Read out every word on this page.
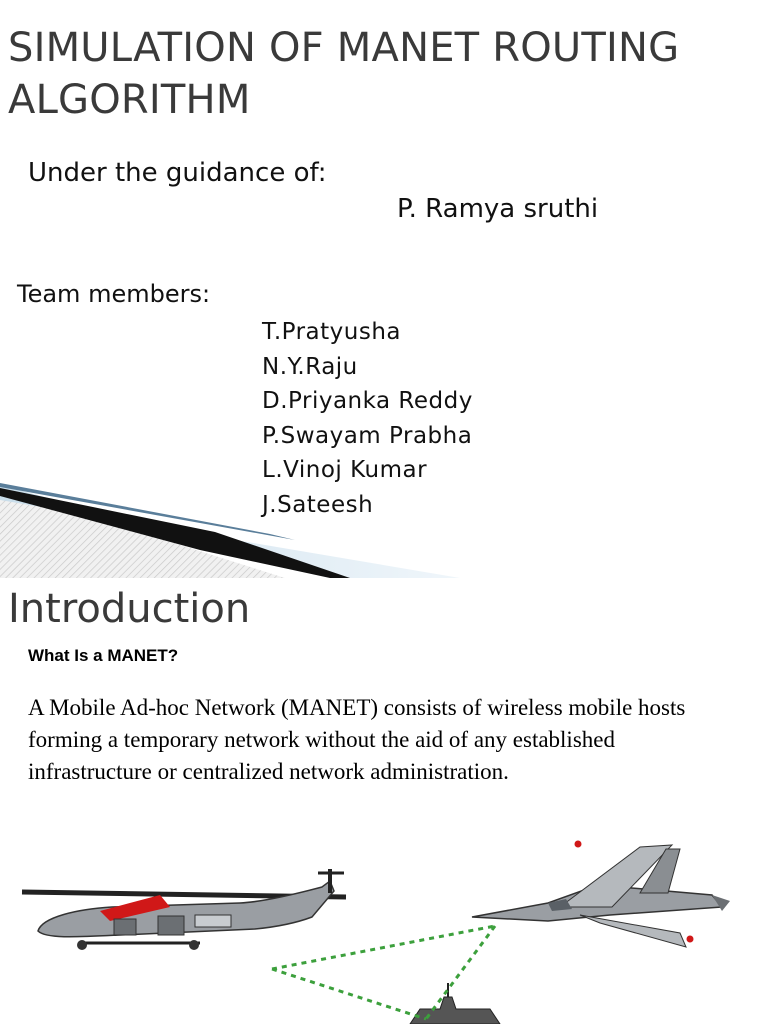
SIMULATION OF MANET ROUTING ALGORITHM
Under the guidance of:
P. Ramya sruthi
Team members:
T.Pratyusha
N.Y.Raju
D.Priyanka Reddy
P.Swayam Prabha
L.Vinoj Kumar
J.Sateesh
Introduction
What Is a MANET?

A Mobile Ad-hoc Network (MANET) consists of wireless mobile hosts forming a temporary network without the aid of any established infrastructure or centralized network administration.
